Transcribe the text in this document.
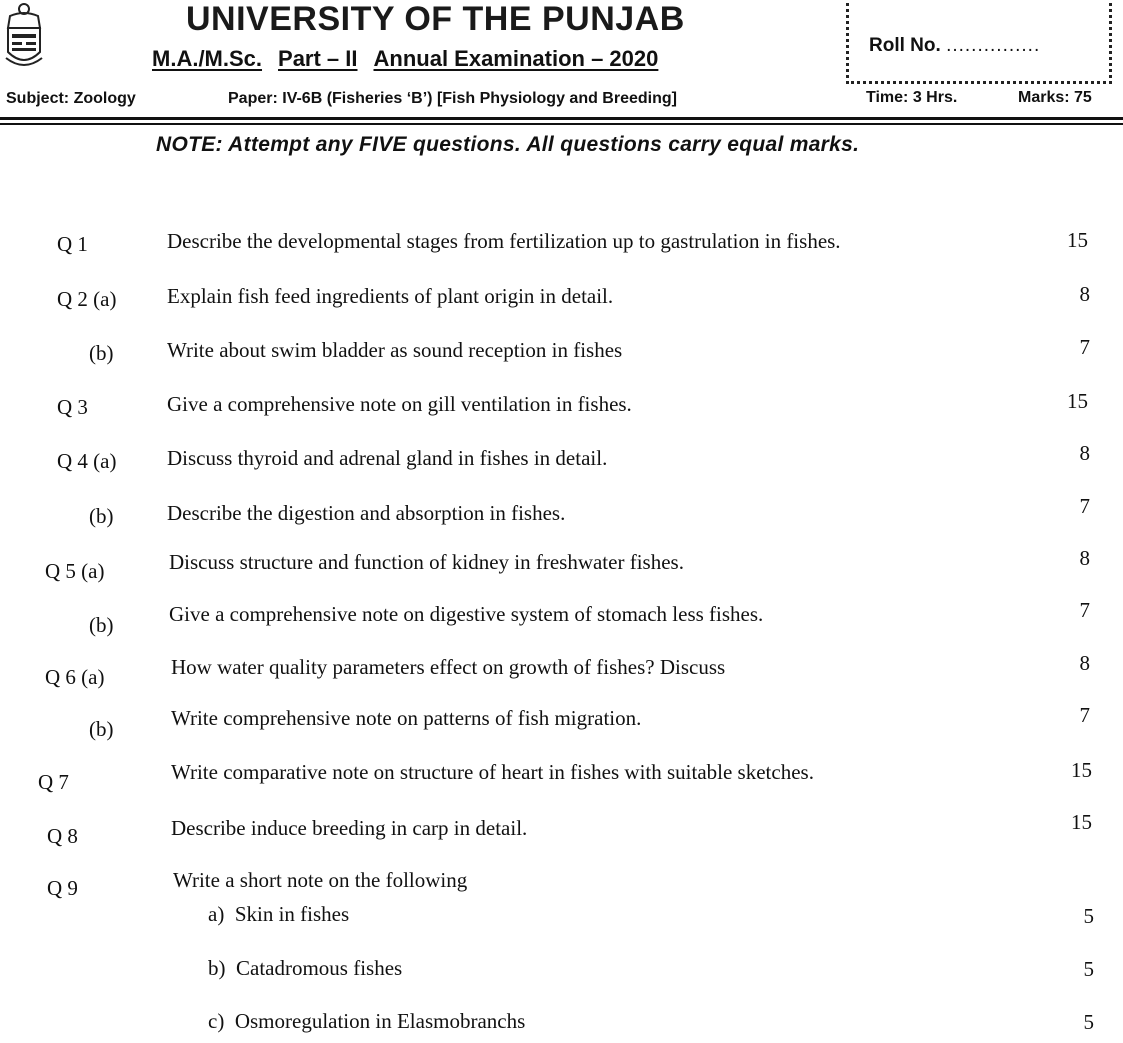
UNIVERSITY OF THE PUNJAB
M.A./M.Sc. Part – II Annual Examination – 2020
Roll No. ...............
Subject: Zoology	Paper: IV-6B (Fisheries ‘B’) [Fish Physiology and Breeding]	Time: 3 Hrs.	Marks: 75
NOTE: Attempt any FIVE questions. All questions carry equal marks.
Q 1	Describe the developmental stages from fertilization up to gastrulation in fishes.	15
Q 2 (a) Explain fish feed ingredients of plant origin in detail.	8
(b)	Write about swim bladder as sound reception in fishes	7
Q 3	Give a comprehensive note on gill ventilation in fishes.	15
Q 4 (a) Discuss thyroid and adrenal gland in fishes in detail.	8
(b)	Describe the digestion and absorption in fishes.	7
Q 5 (a)	Discuss structure and function of kidney in freshwater fishes.	8
(b)	Give a comprehensive note on digestive system of stomach less fishes.	7
Q 6 (a)	How water quality parameters effect on growth of fishes? Discuss	8
(b)	Write comprehensive note on patterns of fish migration.	7
Q 7	Write comparative note on structure of heart in fishes with suitable sketches.	15
Q 8	Describe induce breeding in carp in detail.	15
Q 9	Write a short note on the following
a) Skin in fishes	5
b) Catadromous fishes	5
c) Osmoregulation in Elasmobranchs	5
